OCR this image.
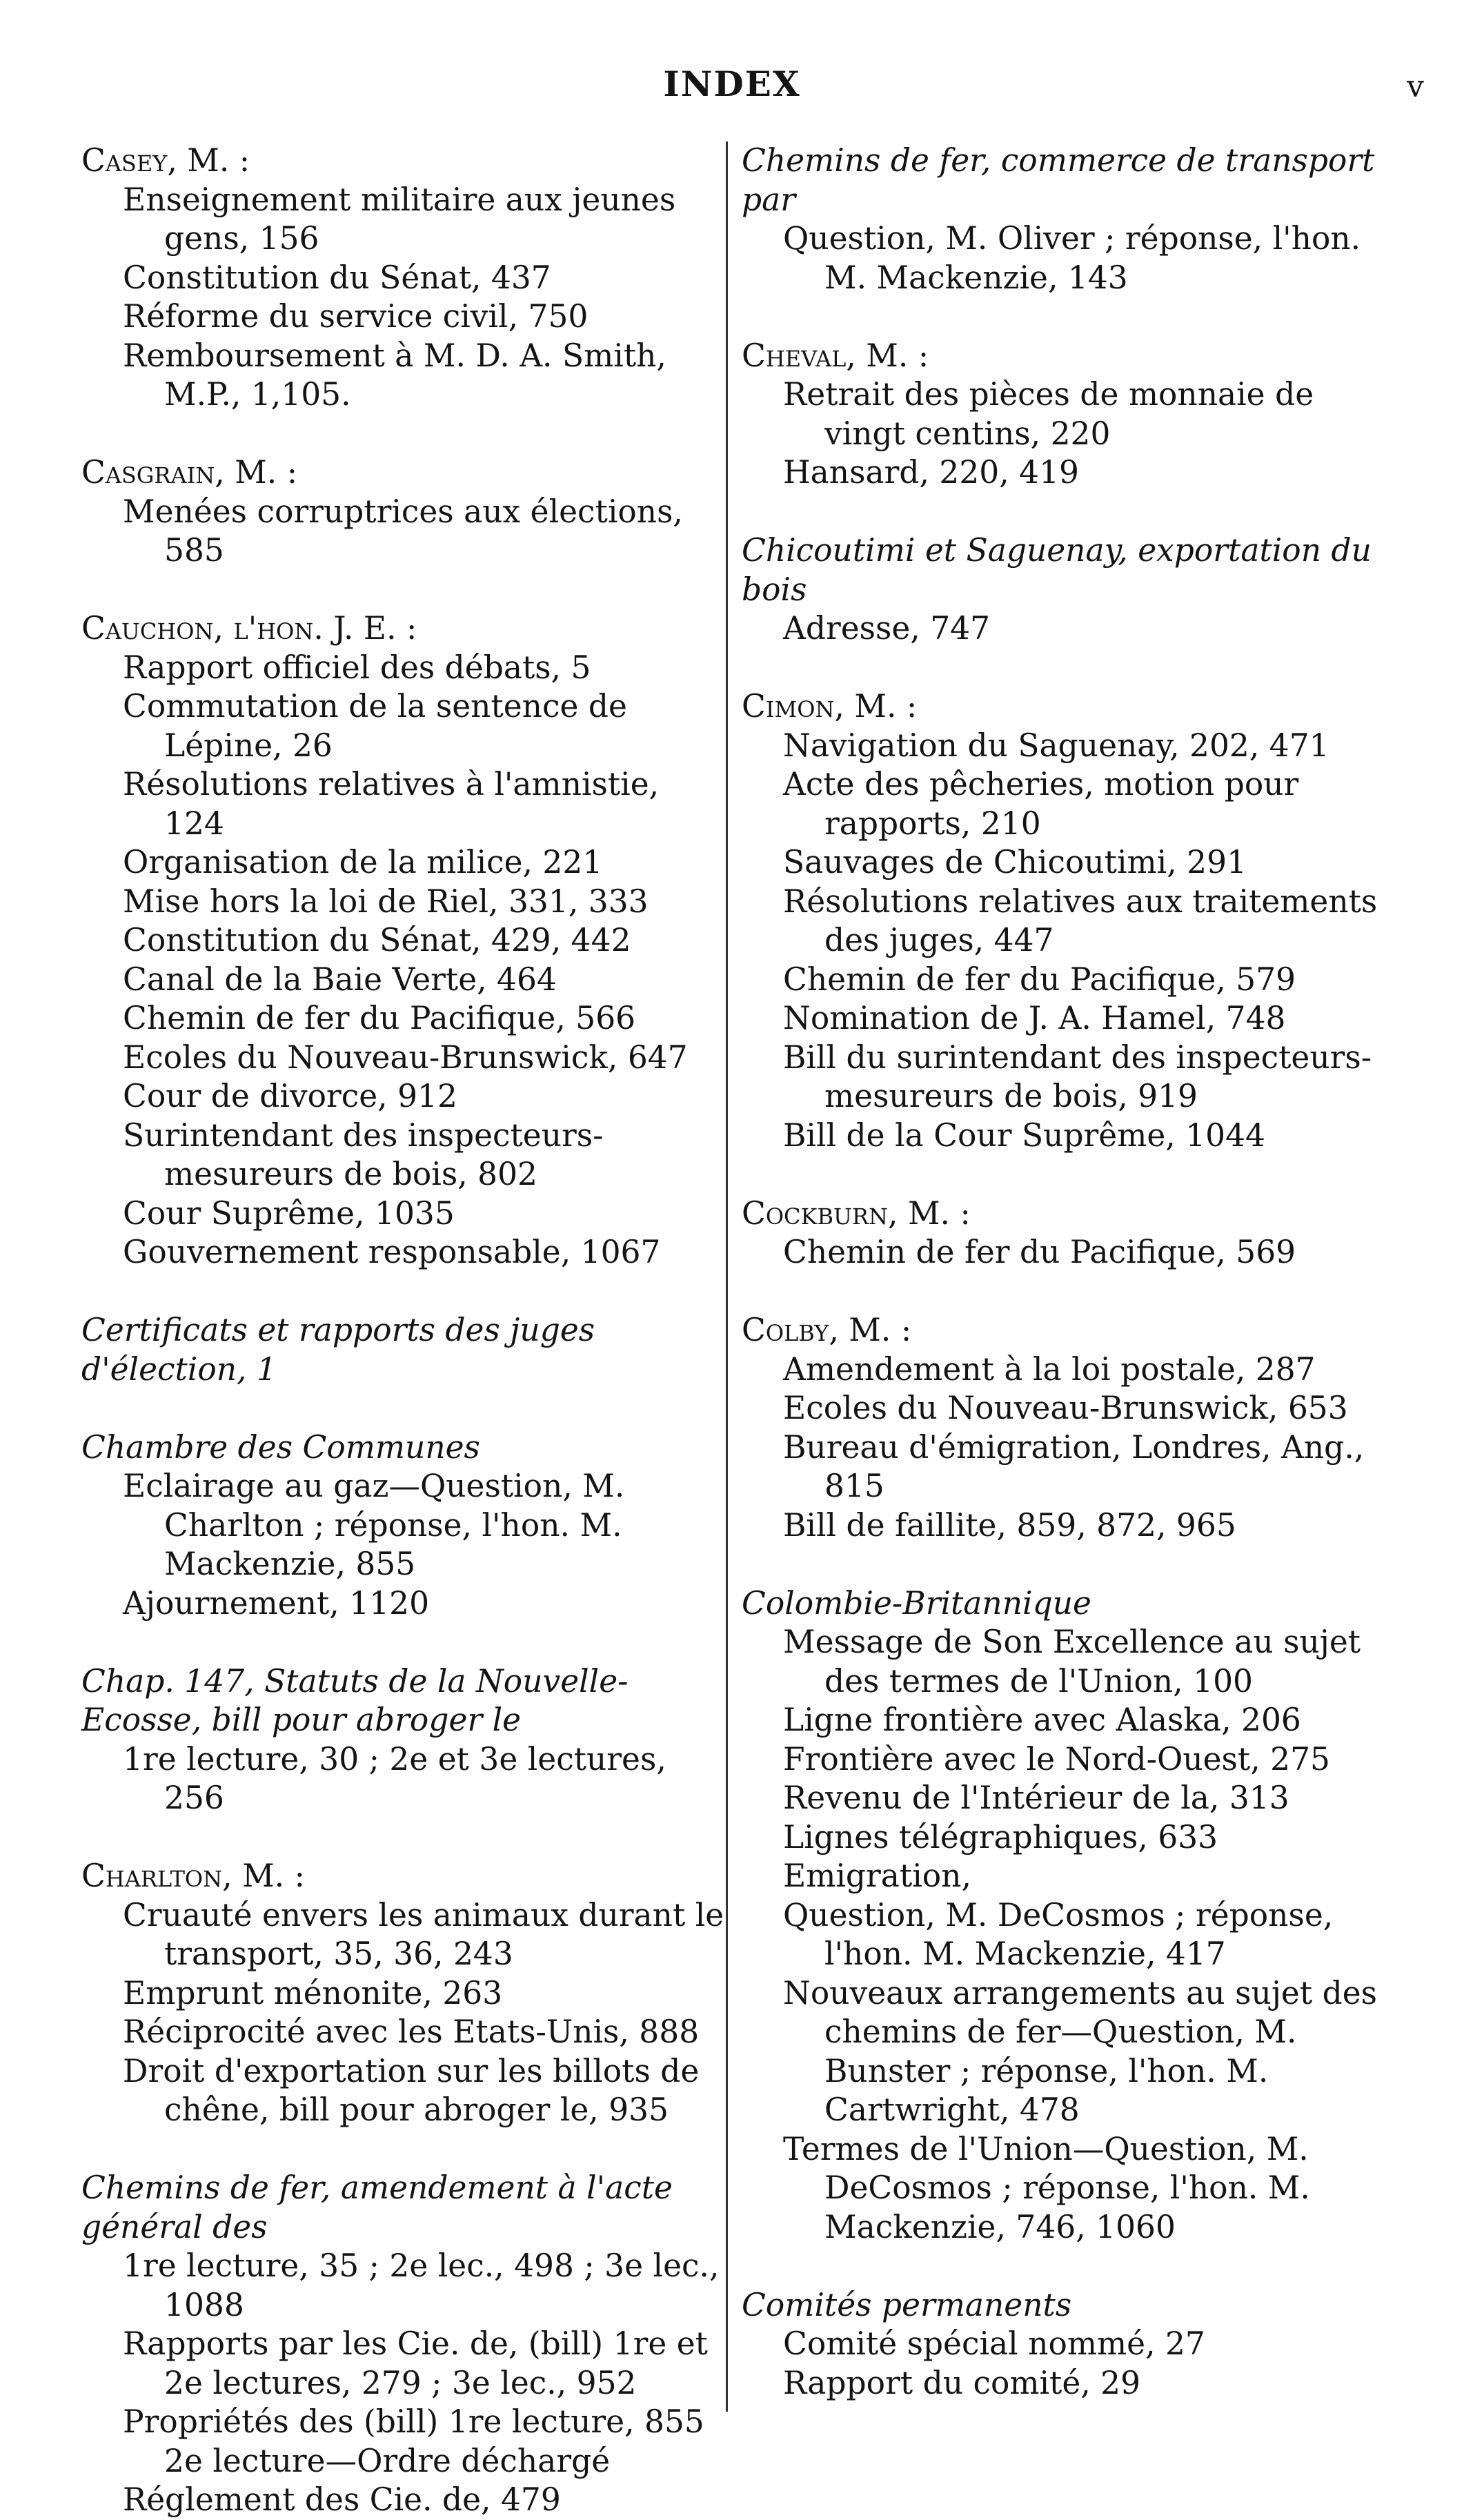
INDEX	v
Casey, M. :
Enseignement militaire aux jeunes gens, 156
Constitution du Sénat, 437
Réforme du service civil, 750
Remboursement à M. D. A. Smith, M.P., 1,105.
Casgrain, M. :
Menées corruptrices aux élections, 585
Cauchon, l'hon. J. E. :
Rapport officiel des débats, 5
Commutation de la sentence de Lépine, 26
Résolutions relatives à l'amnistie, 124
Organisation de la milice, 221
Mise hors la loi de Riel, 331, 333
Constitution du Sénat, 429, 442
Canal de la Baie Verte, 464
Chemin de fer du Pacifique, 566
Ecoles du Nouveau-Brunswick, 647
Cour de divorce, 912
Surintendant des inspecteurs-mesureurs de bois, 802
Cour Suprême, 1035
Gouvernement responsable, 1067
Certificats et rapports des juges d'élection, 1
Chambre des Communes
Eclairage au gaz—Question, M. Charlton ; réponse, l'hon. M. Mackenzie, 855
Ajournement, 1120
Chap. 147, Statuts de la Nouvelle-Ecosse, bill pour abroger le
1re lecture, 30 ; 2e et 3e lectures, 256
Charlton, M. :
Cruauté envers les animaux durant le transport, 35, 36, 243
Emprunt ménonite, 263
Réciprocité avec les Etats-Unis, 888
Droit d'exportation sur les billots de chêne, bill pour abroger le, 935
Chemins de fer, amendement à l'acte général des
1re lecture, 35 ; 2e lec., 498 ; 3e lec., 1088
Rapports par les Cie. de, (bill) 1re et 2e lectures, 279 ; 3e lec., 952
Propriétés des (bill) 1re lecture, 855 2e lecture—Ordre déchargé
Réglement des Cie. de, 479
Chemins de fer, commerce de transport par
Question, M. Oliver ; réponse, l'hon. M. Mackenzie, 143
Cheval, M. :
Retrait des pièces de monnaie de vingt centins, 220
Hansard, 220, 419
Chicoutimi et Saguenay, exportation du bois
Adresse, 747
Cimon, M. :
Navigation du Saguenay, 202, 471
Acte des pêcheries, motion pour rapports, 210
Sauvages de Chicoutimi, 291
Résolutions relatives aux traitements des juges, 447
Chemin de fer du Pacifique, 579
Nomination de J. A. Hamel, 748
Bill du surintendant des inspecteurs-mesureurs de bois, 919
Bill de la Cour Suprême, 1044
Cockburn, M. :
Chemin de fer du Pacifique, 569
Colby, M. :
Amendement à la loi postale, 287
Ecoles du Nouveau-Brunswick, 653
Bureau d'émigration, Londres, Ang., 815
Bill de faillite, 859, 872, 965
Colombie-Britannique
Message de Son Excellence au sujet des termes de l'Union, 100
Ligne frontière avec Alaska, 206
Frontière avec le Nord-Ouest, 275
Revenu de l'Intérieur de la, 313
Lignes télégraphiques, 633
Emigration,
Question, M. DeCosmos ; réponse, l'hon. M. Mackenzie, 417
Nouveaux arrangements au sujet des chemins de fer—Question, M. Bunster ; réponse, l'hon. M. Cartwright, 478
Termes de l'Union—Question, M. DeCosmos ; réponse, l'hon. M. Mackenzie, 746, 1060
Comités permanents
Comité spécial nommé, 27
Rapport du comité, 29
